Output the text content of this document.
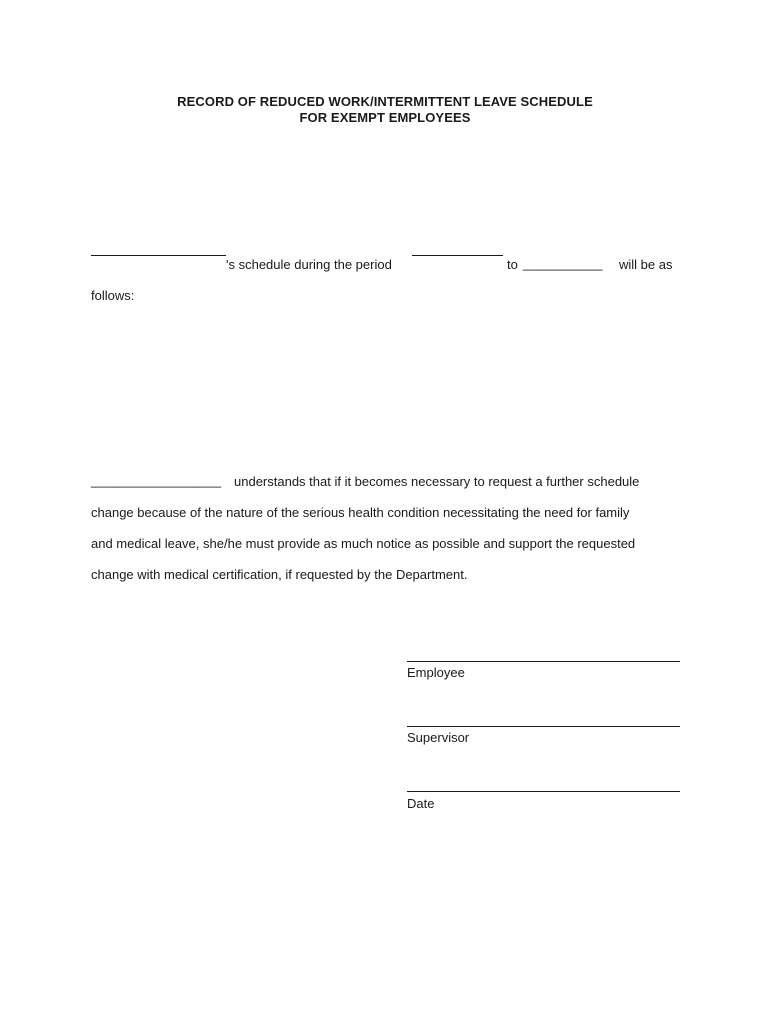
RECORD OF REDUCED WORK/INTERMITTENT LEAVE SCHEDULE
FOR EXEMPT EMPLOYEES
's schedule during the period	to ___________ will be as
follows:
__________________ understands that if it becomes necessary to request a further schedule
change because of the nature of the serious health condition necessitating the need for family
and medical leave, she/he must provide as much notice as possible and support the requested
change with medical certification, if requested by the Department.
Employee
Supervisor
Date
